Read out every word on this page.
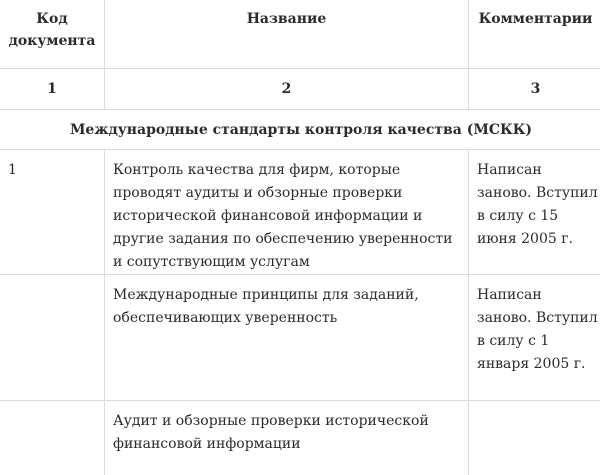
Код документа	Название	Комментарии
1	2	3
Международные стандарты контроля качества (МСКК)		
1	Контроль качества для фирм, которые проводят аудиты и обзорные проверки исторической финансовой информации и другие задания по обеспечению уверенности и сопутствующим услугам	Написан заново. Вступил в силу с 15 июня 2005 г.
	Международные принципы для заданий, обеспечивающих уверенность	Написан заново. Вступил в силу с 1 января 2005 г.
	Аудит и обзорные проверки исторической финансовой информации	
